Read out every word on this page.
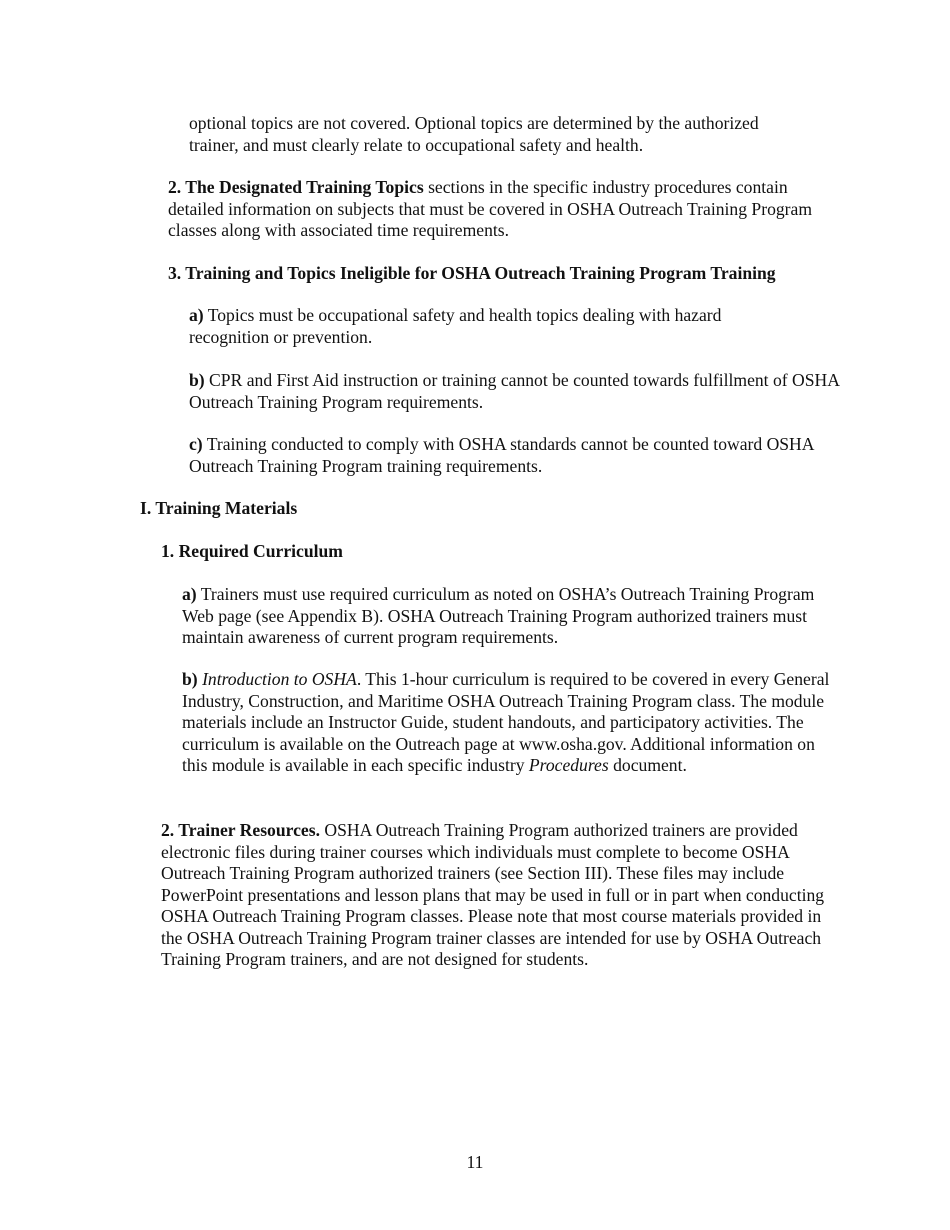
optional topics are not covered. Optional topics are determined by the authorized trainer, and must clearly relate to occupational safety and health.

2. The Designated Training Topics sections in the specific industry procedures contain detailed information on subjects that must be covered in OSHA Outreach Training Program classes along with associated time requirements.

3. Training and Topics Ineligible for OSHA Outreach Training Program Training

a) Topics must be occupational safety and health topics dealing with hazard recognition or prevention.

b) CPR and First Aid instruction or training cannot be counted towards fulfillment of OSHA Outreach Training Program requirements.

c) Training conducted to comply with OSHA standards cannot be counted toward OSHA Outreach Training Program training requirements.

I. Training Materials

1. Required Curriculum

a) Trainers must use required curriculum as noted on OSHA’s Outreach Training Program Web page (see Appendix B). OSHA Outreach Training Program authorized trainers must maintain awareness of current program requirements.

b) Introduction to OSHA. This 1-hour curriculum is required to be covered in every General Industry, Construction, and Maritime OSHA Outreach Training Program class. The module materials include an Instructor Guide, student handouts, and participatory activities. The curriculum is available on the Outreach page at www.osha.gov. Additional information on this module is available in each specific industry Procedures document.

2. Trainer Resources. OSHA Outreach Training Program authorized trainers are provided electronic files during trainer courses which individuals must complete to become OSHA Outreach Training Program authorized trainers (see Section III). These files may include PowerPoint presentations and lesson plans that may be used in full or in part when conducting OSHA Outreach Training Program classes. Please note that most course materials provided in the OSHA Outreach Training Program trainer classes are intended for use by OSHA Outreach Training Program trainers, and are not designed for students.

11
